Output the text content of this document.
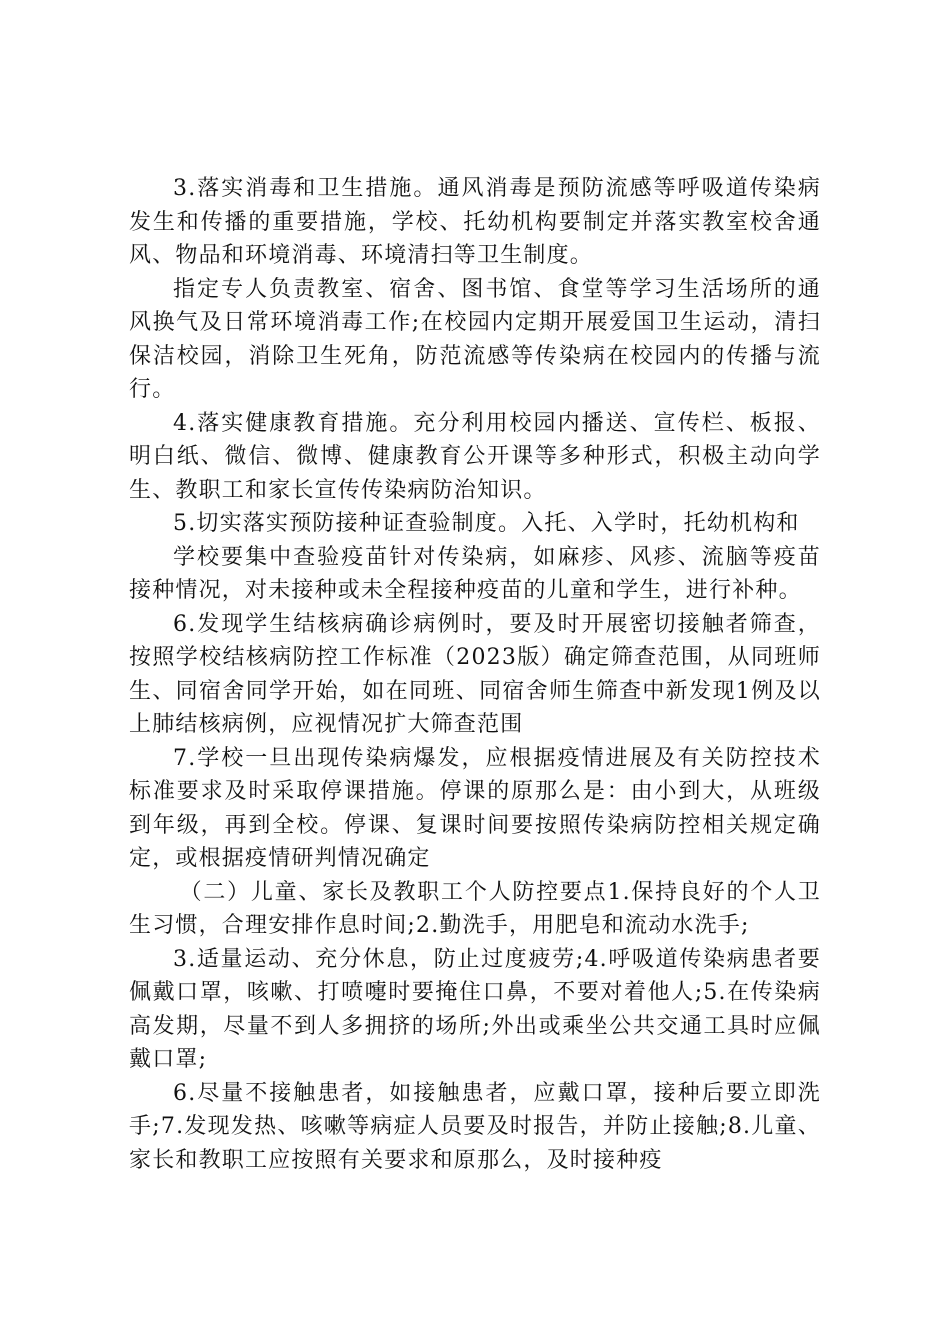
3.落实消毒和卫生措施。通风消毒是预防流感等呼吸道传染病发生和传播的重要措施，学校、托幼机构要制定并落实教室校舍通风、物品和环境消毒、环境清扫等卫生制度。

指定专人负责教室、宿舍、图书馆、食堂等学习生活场所的通风换气及日常环境消毒工作;在校园内定期开展爱国卫生运动，清扫保洁校园，消除卫生死角，防范流感等传染病在校园内的传播与流行。

4.落实健康教育措施。充分利用校园内播送、宣传栏、板报、明白纸、微信、微博、健康教育公开课等多种形式，积极主动向学生、教职工和家长宣传传染病防治知识。

5.切实落实预防接种证查验制度。入托、入学时，托幼机构和

学校要集中查验疫苗针对传染病，如麻疹、风疹、流脑等疫苗接种情况，对未接种或未全程接种疫苗的儿童和学生，进行补种。

6.发现学生结核病确诊病例时，要及时开展密切接触者筛查，按照学校结核病防控工作标准（2023版）确定筛查范围，从同班师生、同宿舍同学开始，如在同班、同宿舍师生筛查中新发现1例及以上肺结核病例，应视情况扩大筛查范围

7.学校一旦出现传染病爆发，应根据疫情进展及有关防控技术标准要求及时采取停课措施。停课的原那么是：由小到大，从班级到年级，再到全校。停课、复课时间要按照传染病防控相关规定确定，或根据疫情研判情况确定

（二）儿童、家长及教职工个人防控要点1.保持良好的个人卫生习惯，合理安排作息时间;2.勤洗手，用肥皂和流动水洗手;

3.适量运动、充分休息，防止过度疲劳;4.呼吸道传染病患者要佩戴口罩，咳嗽、打喷嚏时要掩住口鼻，不要对着他人;5.在传染病高发期，尽量不到人多拥挤的场所;外出或乘坐公共交通工具时应佩戴口罩;

6.尽量不接触患者，如接触患者，应戴口罩，接种后要立即洗手;7.发现发热、咳嗽等病症人员要及时报告，并防止接触;8.儿童、家长和教职工应按照有关要求和原那么，及时接种疫
